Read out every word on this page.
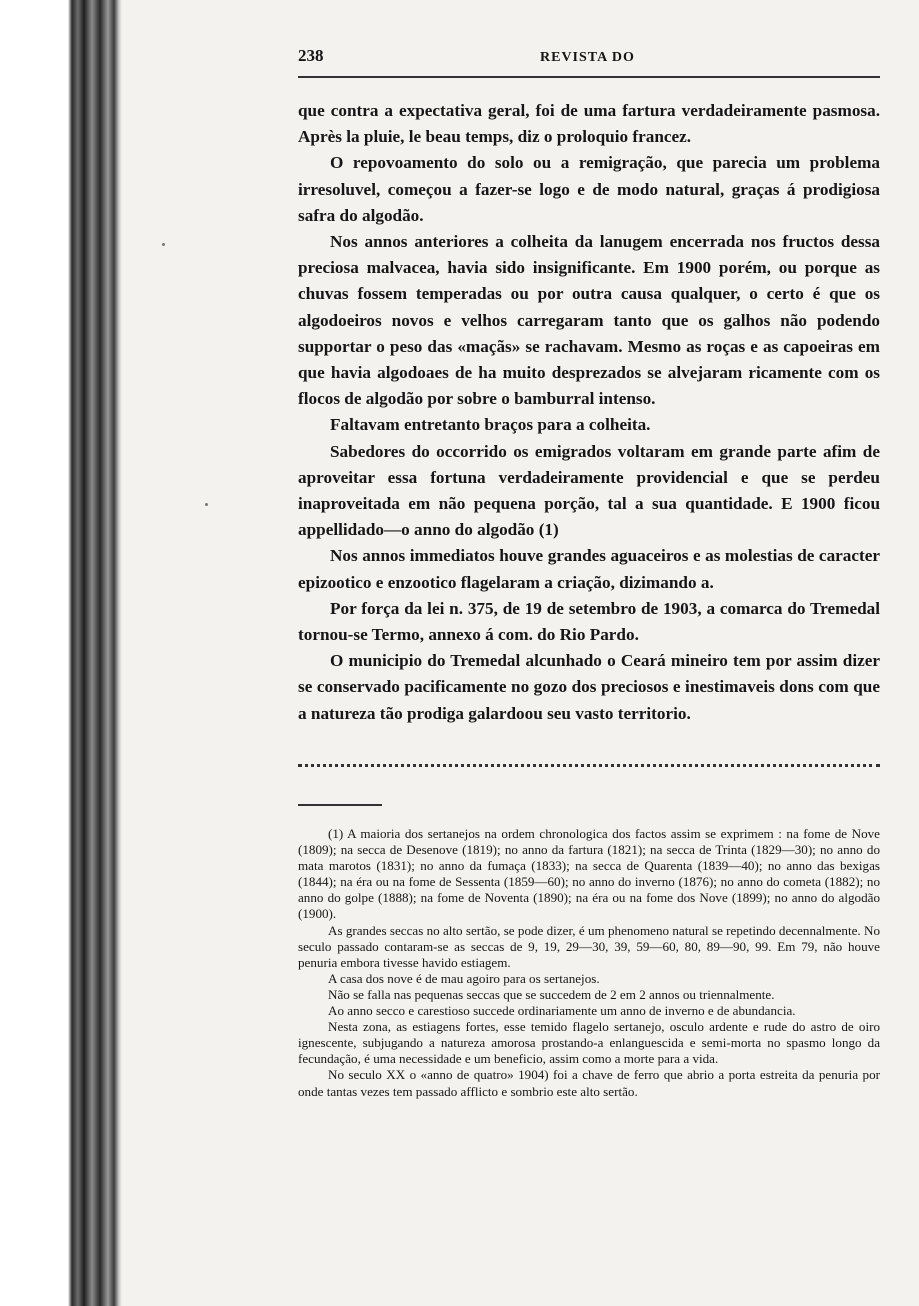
238	REVISTA DO

que contra a expectativa geral, foi de uma fartura verdadeiramente pasmosa. Après la pluie, le beau temps, diz o proloquio francez.

O repovoamento do solo ou a remigração, que parecia um problema irresoluvel, começou a fazer-se logo e de modo natural, graças á prodigiosa safra do algodão.

Nos annos anteriores a colheita da lanugem encerrada nos fructos dessa preciosa malvacea, havia sido insignificante. Em 1900 porém, ou porque as chuvas fossem temperadas ou por outra causa qualquer, o certo é que os algodoeiros novos e velhos carregaram tanto que os galhos não podendo supportar o peso das «maçãs» se rachavam. Mesmo as roças e as capoeiras em que havia algodoaes de ha muito desprezados se alvejaram ricamente com os flocos de algodão por sobre o bamburral intenso.

Faltavam entretanto braços para a colheita.

Sabedores do occorrido os emigrados voltaram em grande parte afim de aproveitar essa fortuna verdadeiramente providencial e que se perdeu inaproveitada em não pequena porção, tal a sua quantidade. E 1900 ficou appellidado—o anno do algodão (1)

Nos annos immediatos houve grandes aguaceiros e as molestias de caracter epizootico e enzootico flagelaram a criação, dizimando a.

Por força da lei n. 375, de 19 de setembro de 1903, a comarca do Tremedal tornou-se Termo, annexo á com. do Rio Pardo.

O municipio do Tremedal alcunhado o Ceará mineiro tem por assim dizer se conservado pacificamente no gozo dos preciosos e inestimaveis dons com que a natureza tão prodiga galardoou seu vasto territorio.

(1) A maioria dos sertanejos na ordem chronologica dos factos assim se exprimem : na fome de Nove (1809); na secca de Desenove (1819); no anno da fartura (1821); na secca de Trinta (1829—30); no anno do mata marotos (1831); no anno da fumaça (1833); na secca de Quarenta (1839—40); no anno das bexigas (1844); na éra ou na fome de Sessenta (1859—60); no anno do inverno (1876); no anno do cometa (1882); no anno do golpe (1888); na fome de Noventa (1890); na éra ou na fome dos Nove (1899); no anno do algodão (1900).

As grandes seccas no alto sertão, se pode dizer, é um phenomeno natural se repetindo decennalmente. No seculo passado contaram-se as seccas de 9, 19, 29—30, 39, 59—60, 80, 89—90, 99. Em 79, não houve penuria embora tivesse havido estiagem.

A casa dos nove é de mau agoiro para os sertanejos.

Não se falla nas pequenas seccas que se succedem de 2 em 2 annos ou triennalmente.

Ao anno secco e carestioso succede ordinariamente um anno de inverno e de abundancia.

Nesta zona, as estiagens fortes, esse temido flagelo sertanejo, osculo ardente e rude do astro de oiro ignescente, subjugando a natureza amorosa prostando-a enlanguescida e semi-morta no spasmo longo da fecundação, é uma necessidade e um beneficio, assim como a morte para a vida.

No seculo XX o «anno de quatro» 1904) foi a chave de ferro que abrio a porta estreita da penuria por onde tantas vezes tem passado afflicto e sombrio este alto sertão.
